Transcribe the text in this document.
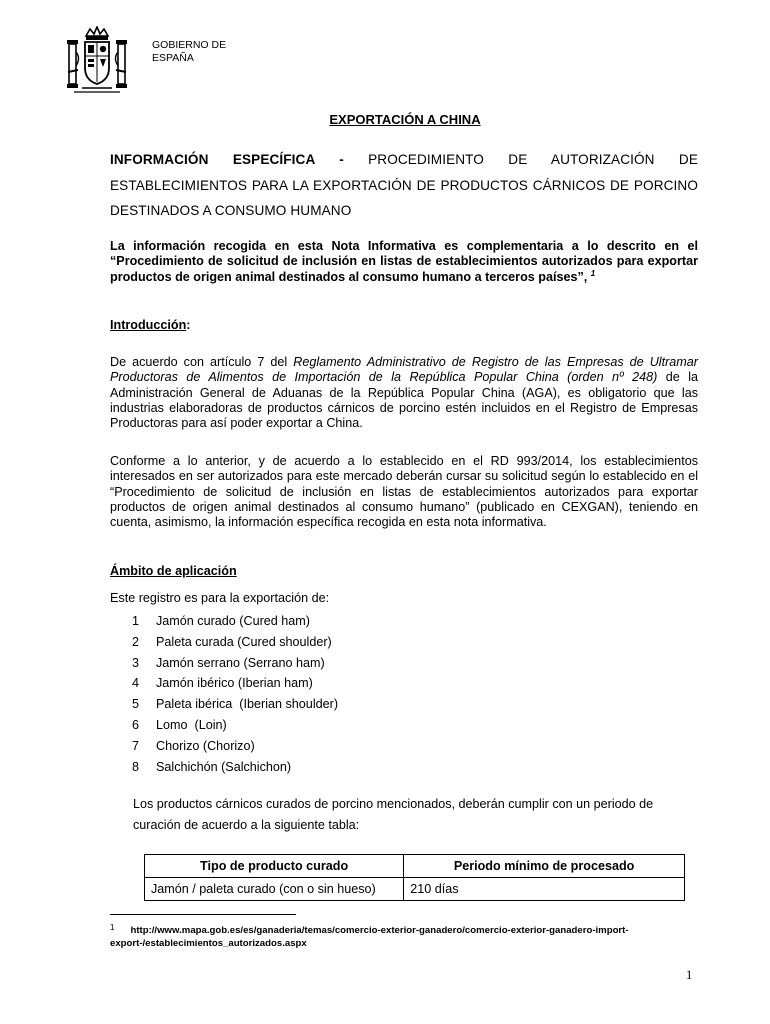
GOBIERNO DE
ESPAÑA
EXPORTACIÓN A CHINA
INFORMACIÓN ESPECÍFICA - PROCEDIMIENTO DE AUTORIZACIÓN DE ESTABLECIMIENTOS PARA LA EXPORTACIÓN DE PRODUCTOS CÁRNICOS DE PORCINO DESTINADOS A CONSUMO HUMANO
La información recogida en esta Nota Informativa es complementaria a lo descrito en el “Procedimiento de solicitud de inclusión en listas de establecimientos autorizados para exportar productos de origen animal destinados al consumo humano a terceros países”, $^1$
Introducción:
De acuerdo con artículo 7 del Reglamento Administrativo de Registro de las Empresas de Ultramar Productoras de Alimentos de Importación de la República Popular China (orden nº 248) de la Administración General de Aduanas de la República Popular China (AGA), es obligatorio que las industrias elaboradoras de productos cárnicos de porcino estén incluidos en el Registro de Empresas Productoras para así poder exportar a China.
Conforme a lo anterior, y de acuerdo a lo establecido en el RD 993/2014, los establecimientos interesados en ser autorizados para este mercado deberán cursar su solicitud según lo establecido en el “Procedimiento de solicitud de inclusión en listas de establecimientos autorizados para exportar productos de origen animal destinados al consumo humano” (publicado en CEXGAN), teniendo en cuenta, asimismo, la información específica recogida en esta nota informativa.
Ámbito de aplicación

Este registro es para la exportación de:

1 Jamón curado (Cured ham)
2 Paleta curada (Cured shoulder)
3 Jamón serrano (Serrano ham)
4 Jamón ibérico (Iberian ham)
5 Paleta ibérica  (Iberian shoulder)
6 Lomo  (Loin)
7 Chorizo (Chorizo)
8 Salchichón (Salchichon)
Los productos cárnicos curados de porcino mencionados, deberán cumplir con un periodo de curación de acuerdo a la siguiente tabla:
Tipo de producto curado	Periodo mínimo de procesado
Jamón / paleta curado (con o sin hueso)	210 días
$^1$ http://www.mapa.gob.es/es/ganaderia/temas/comercio-exterior-ganadero/comercio-exterior-ganadero-import-export-/establecimientos_autorizados.aspx
1
